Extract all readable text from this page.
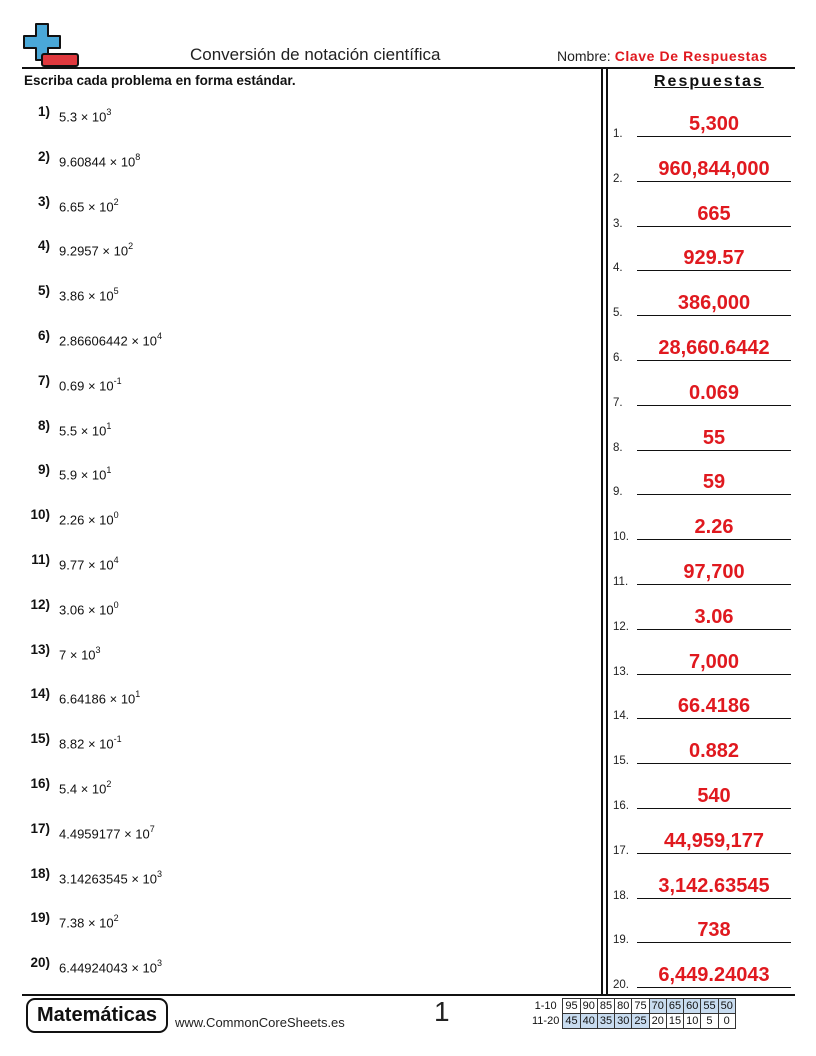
Conversión de notación científica	Nombre: Clave De Respuestas
Escriba cada problema en forma estándar.	Respuestas
1) $5.3 \times 10^3$
2) $9.60844 \times 10^8$
3) $6.65 \times 10^2$
4) $9.2957 \times 10^2$
5) $3.86 \times 10^5$
6) $2.86606442 \times 10^4$
7) $0.69 \times 10^{-1}$
8) $5.5 \times 10^1$
9) $5.9 \times 10^1$
10) $2.26 \times 10^0$
11) $9.77 \times 10^4$
12) $3.06 \times 10^0$
13) $7 \times 10^3$
14) $6.64186 \times 10^1$
15) $8.82 \times 10^{-1}$
16) $5.4 \times 10^2$
17) $4.4959177 \times 10^7$
18) $3.14263545 \times 10^3$
19) $7.38 \times 10^2$
20) $6.44924043 \times 10^3$
1.	5,300
2.	960,844,000
3.	665
4.	929.57
5.	386,000
6.	28,660.6442
7.	0.069
8.	55
9.	59
10.	2.26
11.	97,700
12.	3.06
13.	7,000
14.	66.4186
15.	0.882
16.	540
17.	44,959,177
18.	3,142.63545
19.	738
20.	6,449.24043
Matemáticas	www.CommonCoreSheets.es	1	1-10	95	90	85	80	75	70	65	60	55	50
11-20	45	40	35	30	25	20	15	10	5	0
